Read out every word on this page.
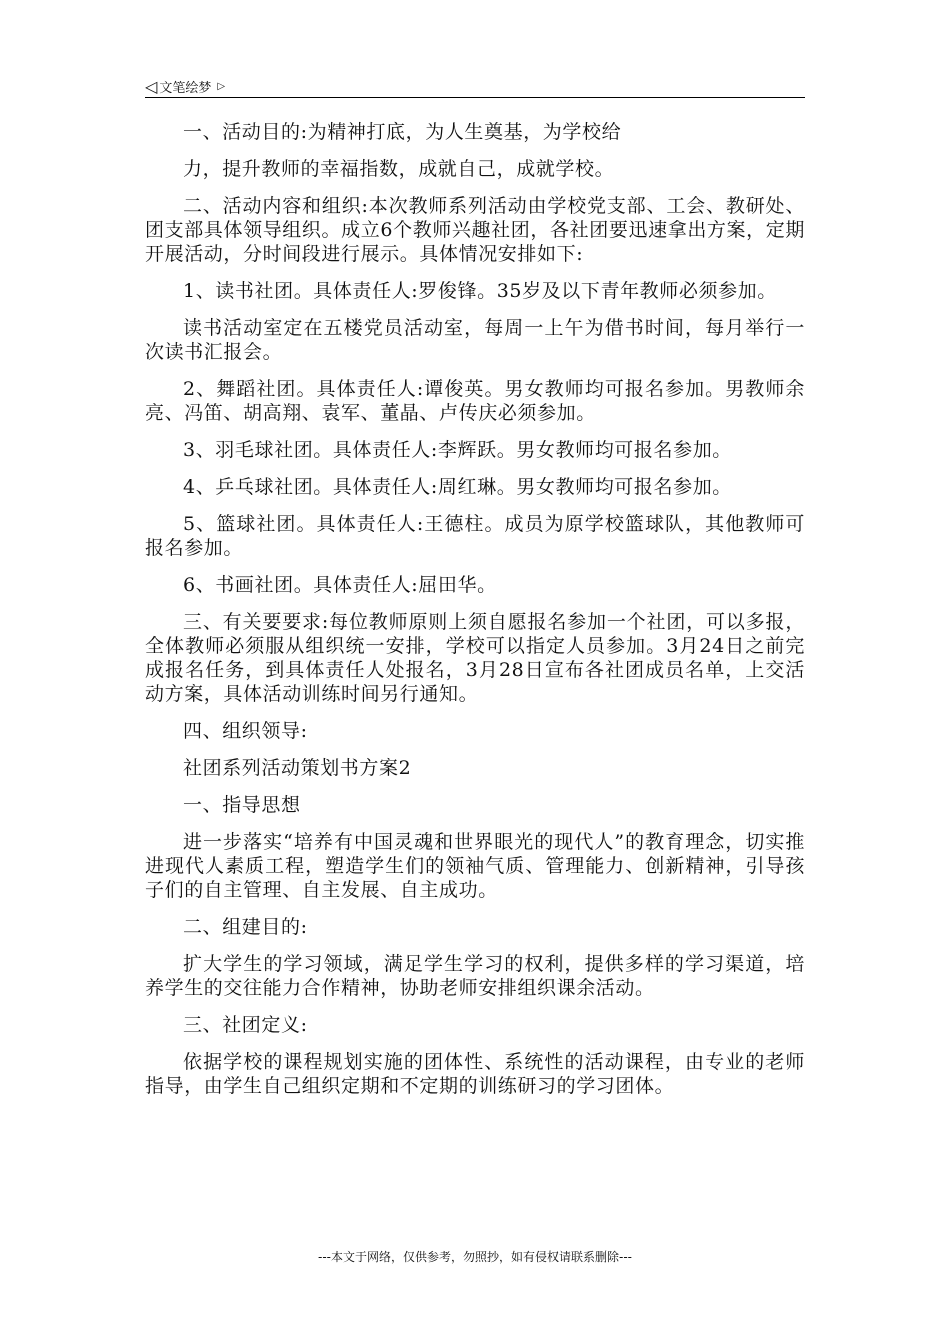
◁ 文笔绘梦 ▷

一、活动目的:为精神打底，为人生奠基，为学校给

力，提升教师的幸福指数，成就自己，成就学校。

二、活动内容和组织:本次教师系列活动由学校党支部、工会、教研处、团支部具体领导组织。成立6个教师兴趣社团，各社团要迅速拿出方案，定期开展活动，分时间段进行展示。具体情况安排如下:

1、读书社团。具体责任人:罗俊锋。35岁及以下青年教师必须参加。

读书活动室定在五楼党员活动室，每周一上午为借书时间，每月举行一次读书汇报会。

2、舞蹈社团。具体责任人:谭俊英。男女教师均可报名参加。男教师余亮、冯笛、胡高翔、袁军、董晶、卢传庆必须参加。

3、羽毛球社团。具体责任人:李辉跃。男女教师均可报名参加。

4、乒乓球社团。具体责任人:周红琳。男女教师均可报名参加。

5、篮球社团。具体责任人:王德柱。成员为原学校篮球队，其他教师可报名参加。

6、书画社团。具体责任人:屈田华。

三、有关要要求:每位教师原则上须自愿报名参加一个社团，可以多报，全体教师必须服从组织统一安排，学校可以指定人员参加。3月24日之前完成报名任务，到具体责任人处报名，3月28日宣布各社团成员名单，上交活动方案，具体活动训练时间另行通知。

四、组织领导:

社团系列活动策划书方案2

一、指导思想

进一步落实“培养有中国灵魂和世界眼光的现代人”的教育理念，切实推进现代人素质工程，塑造学生们的领袖气质、管理能力、创新精神，引导孩子们的自主管理、自主发展、自主成功。

二、组建目的:

扩大学生的学习领域，满足学生学习的权利，提供多样的学习渠道，培养学生的交往能力合作精神，协助老师安排组织课余活动。

三、社团定义:

依据学校的课程规划实施的团体性、系统性的活动课程，由专业的老师指导，由学生自己组织定期和不定期的训练研习的学习团体。

---本文于网络，仅供参考，勿照抄，如有侵权请联系删除---
